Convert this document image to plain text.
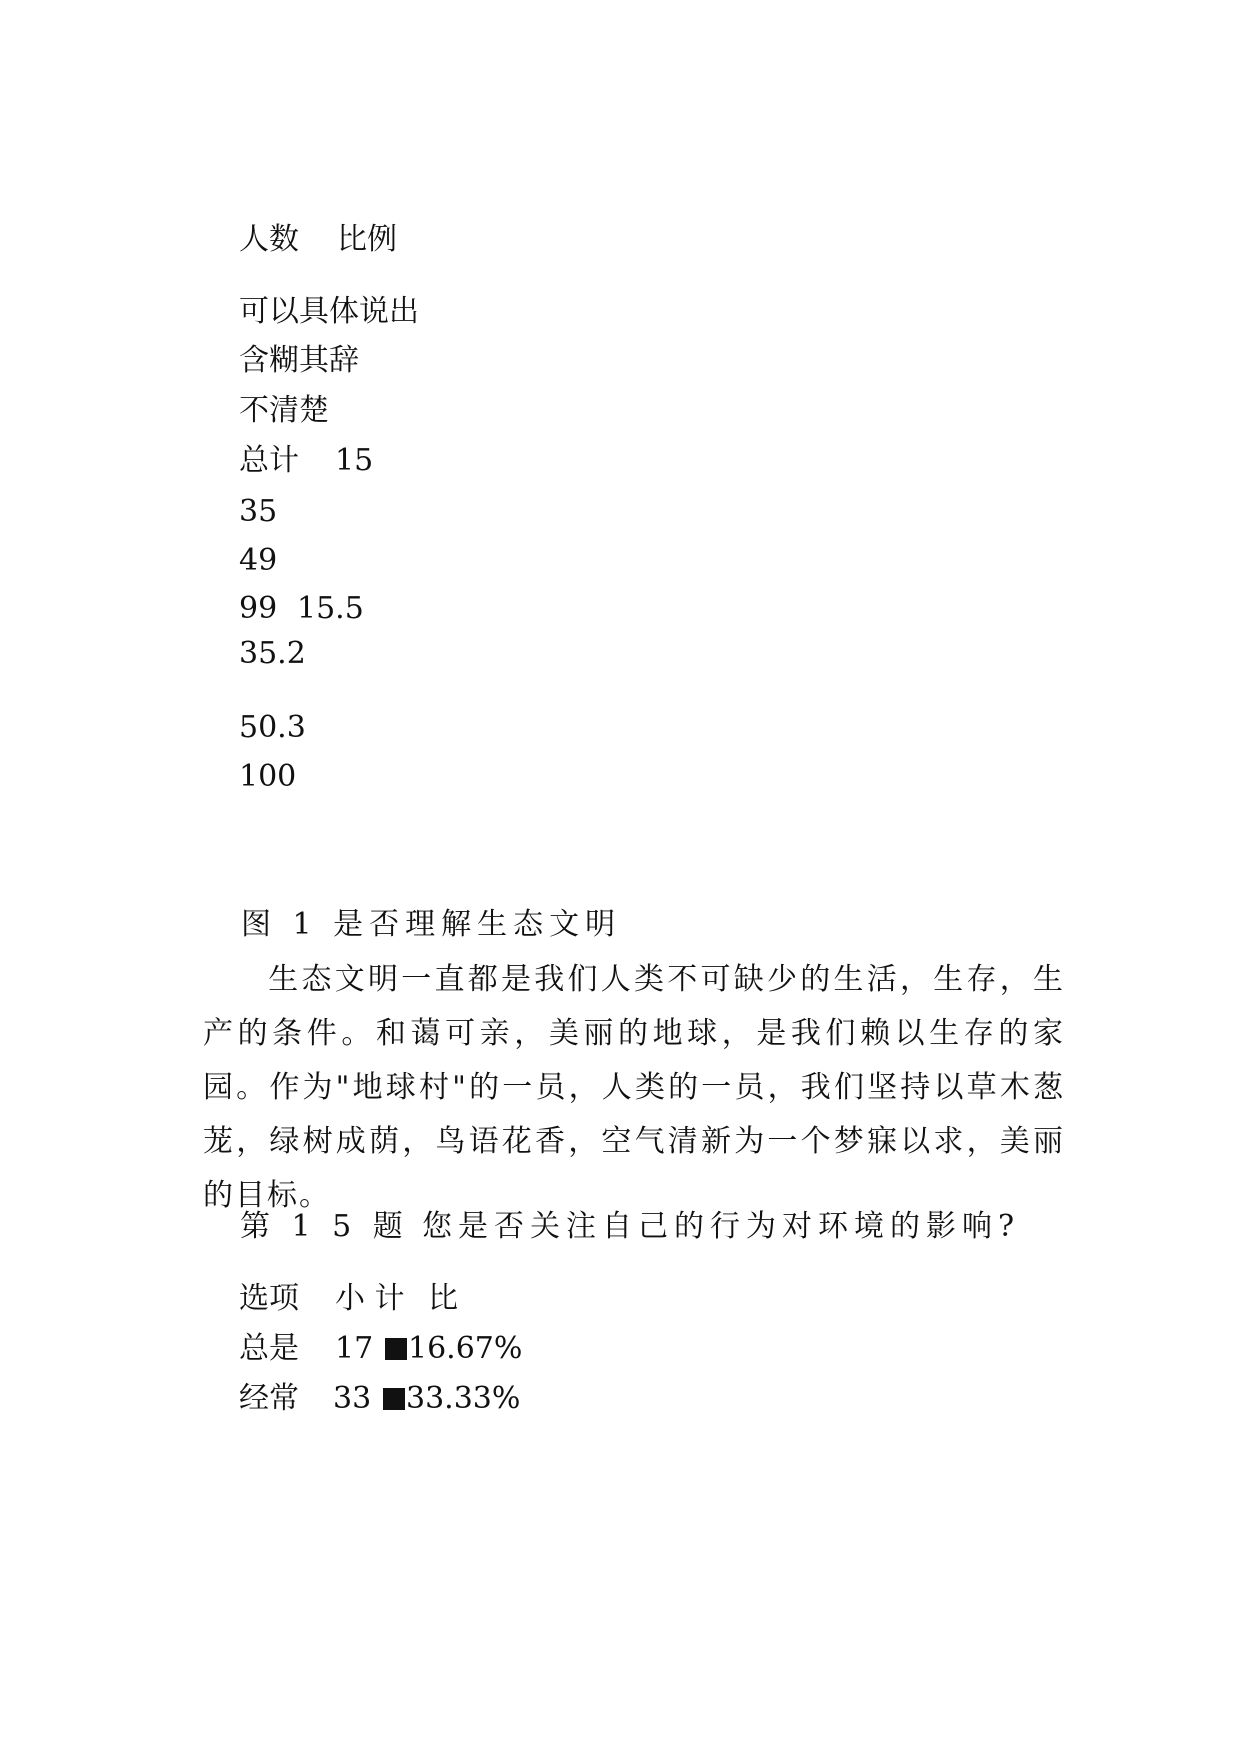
人数 比例
可以具体说出
含糊其辞
不清楚
总计 15
35
49
99 15.5
35.2
50.3
100
图 1 是否理解生态文明
生态文明一直都是我们人类不可缺少的生活，生存，生产的条件。和蔼可亲，美丽的地球，是我们赖以生存的家园。作为"地球村"的一员，人类的一员，我们坚持以草木葱茏，绿树成荫，鸟语花香，空气清新为一个梦寐以求，美丽的目标。
第 1 5 题 您是否关注自己的行为对环境的影响?
选项 小 计 比
总是 17	16.67%
经常 33	33.33%
